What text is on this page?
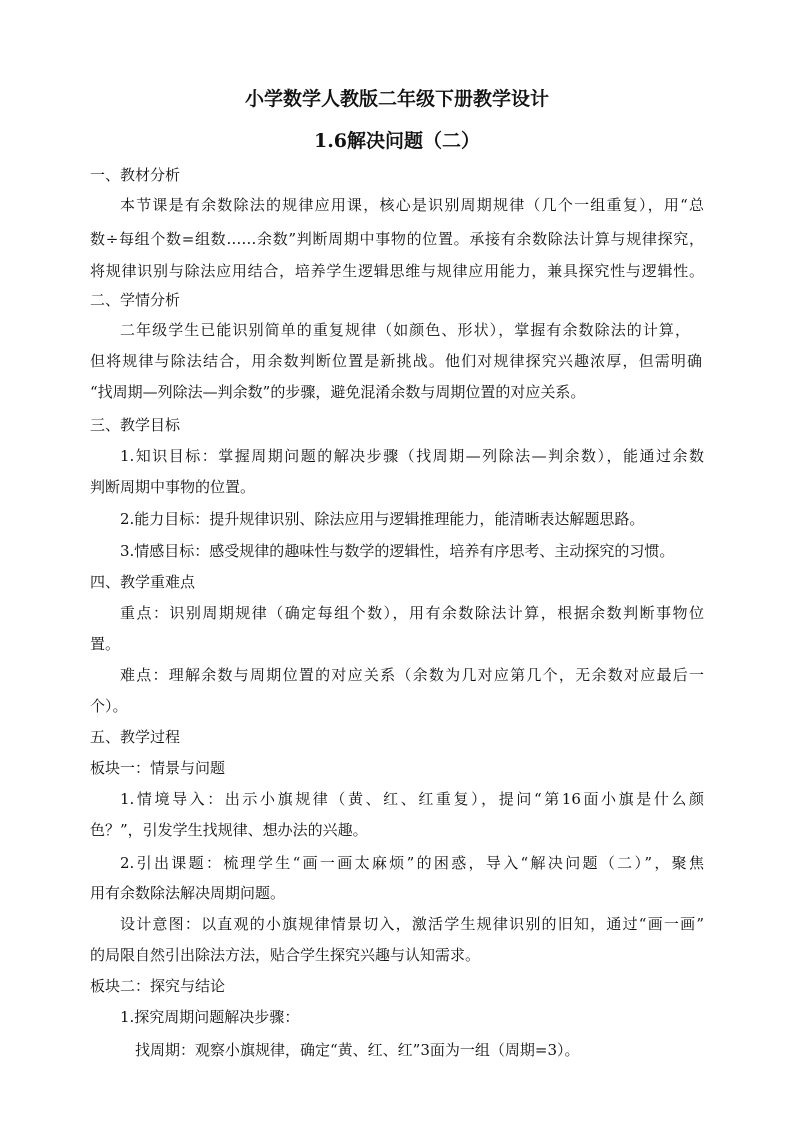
小学数学人教版二年级下册教学设计
1.6解决问题（二）
一、教材分析
本节课是有余数除法的规律应用课，核心是识别周期规律（几个一组重复），用“总
数÷每组个数=组数……余数”判断周期中事物的位置。承接有余数除法计算与规律探究，
将规律识别与除法应用结合，培养学生逻辑思维与规律应用能力，兼具探究性与逻辑性。
二、学情分析
二年级学生已能识别简单的重复规律（如颜色、形状），掌握有余数除法的计算，
但将规律与除法结合，用余数判断位置是新挑战。他们对规律探究兴趣浓厚，但需明确
“找周期—列除法—判余数”的步骤，避免混淆余数与周期位置的对应关系。
三、教学目标
1.知识目标：掌握周期问题的解决步骤（找周期—列除法—判余数），能通过余数
判断周期中事物的位置。
2.能力目标：提升规律识别、除法应用与逻辑推理能力，能清晰表达解题思路。
3.情感目标：感受规律的趣味性与数学的逻辑性，培养有序思考、主动探究的习惯。
四、教学重难点
重点：识别周期规律（确定每组个数），用有余数除法计算，根据余数判断事物位
置。
难点：理解余数与周期位置的对应关系（余数为几对应第几个，无余数对应最后一
个）。
五、教学过程
板块一：情景与问题
1.情境导入：出示小旗规律（黄、红、红重复），提问“第16面小旗是什么颜
色？”，引发学生找规律、想办法的兴趣。
2.引出课题：梳理学生“画一画太麻烦”的困惑，导入“解决问题（二）”，聚焦
用有余数除法解决周期问题。
设计意图：以直观的小旗规律情景切入，激活学生规律识别的旧知，通过“画一画”
的局限自然引出除法方法，贴合学生探究兴趣与认知需求。
板块二：探究与结论
1.探究周期问题解决步骤：
找周期：观察小旗规律，确定“黄、红、红”3面为一组（周期=3）。
